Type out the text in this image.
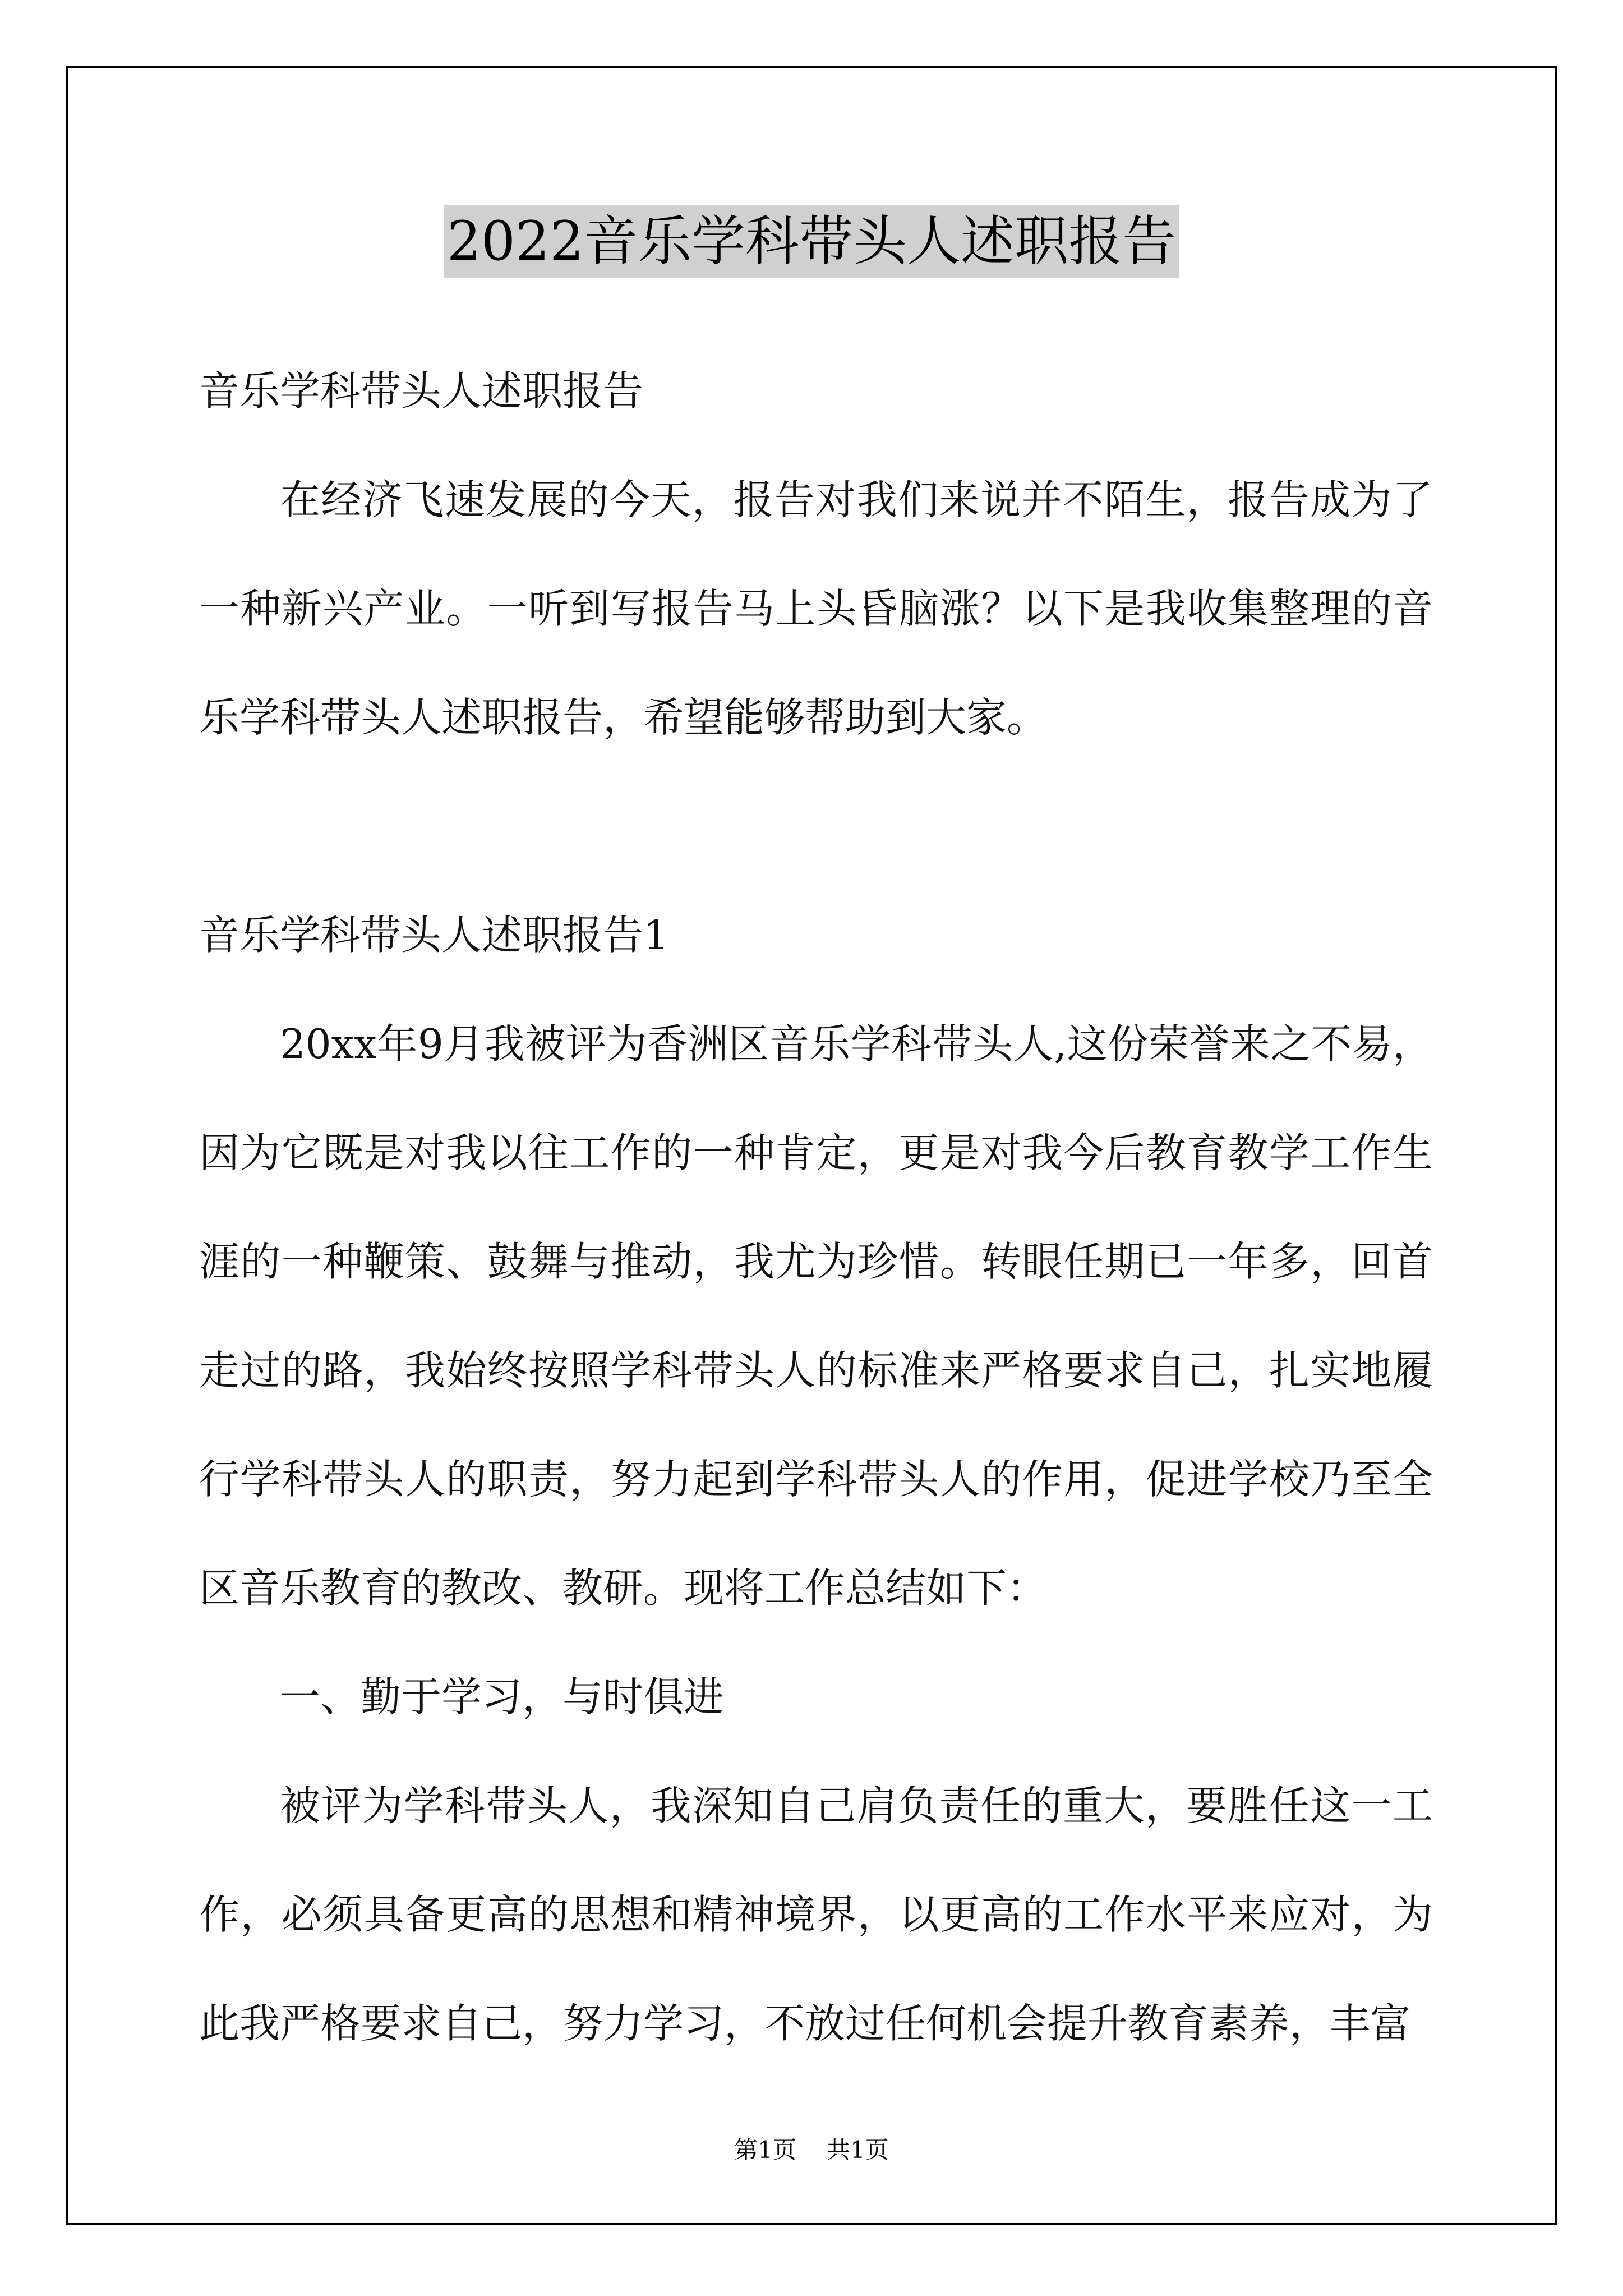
2022音乐学科带头人述职报告

音乐学科带头人述职报告

在经济飞速发展的今天，报告对我们来说并不陌生，报告成为了一种新兴产业。一听到写报告马上头昏脑涨？以下是我收集整理的音乐学科带头人述职报告，希望能够帮助到大家。

音乐学科带头人述职报告1

20xx年9月我被评为香洲区音乐学科带头人,这份荣誉来之不易，因为它既是对我以往工作的一种肯定，更是对我今后教育教学工作生涯的一种鞭策、鼓舞与推动，我尤为珍惜。转眼任期已一年多，回首走过的路，我始终按照学科带头人的标准来严格要求自己，扎实地履行学科带头人的职责，努力起到学科带头人的作用，促进学校乃至全区音乐教育的教改、教研。现将工作总结如下：

一、勤于学习，与时俱进

被评为学科带头人，我深知自己肩负责任的重大，要胜任这一工作，必须具备更高的思想和精神境界，以更高的工作水平来应对，为此我严格要求自己，努力学习，不放过任何机会提升教育素养，丰富

第1页 共1页
